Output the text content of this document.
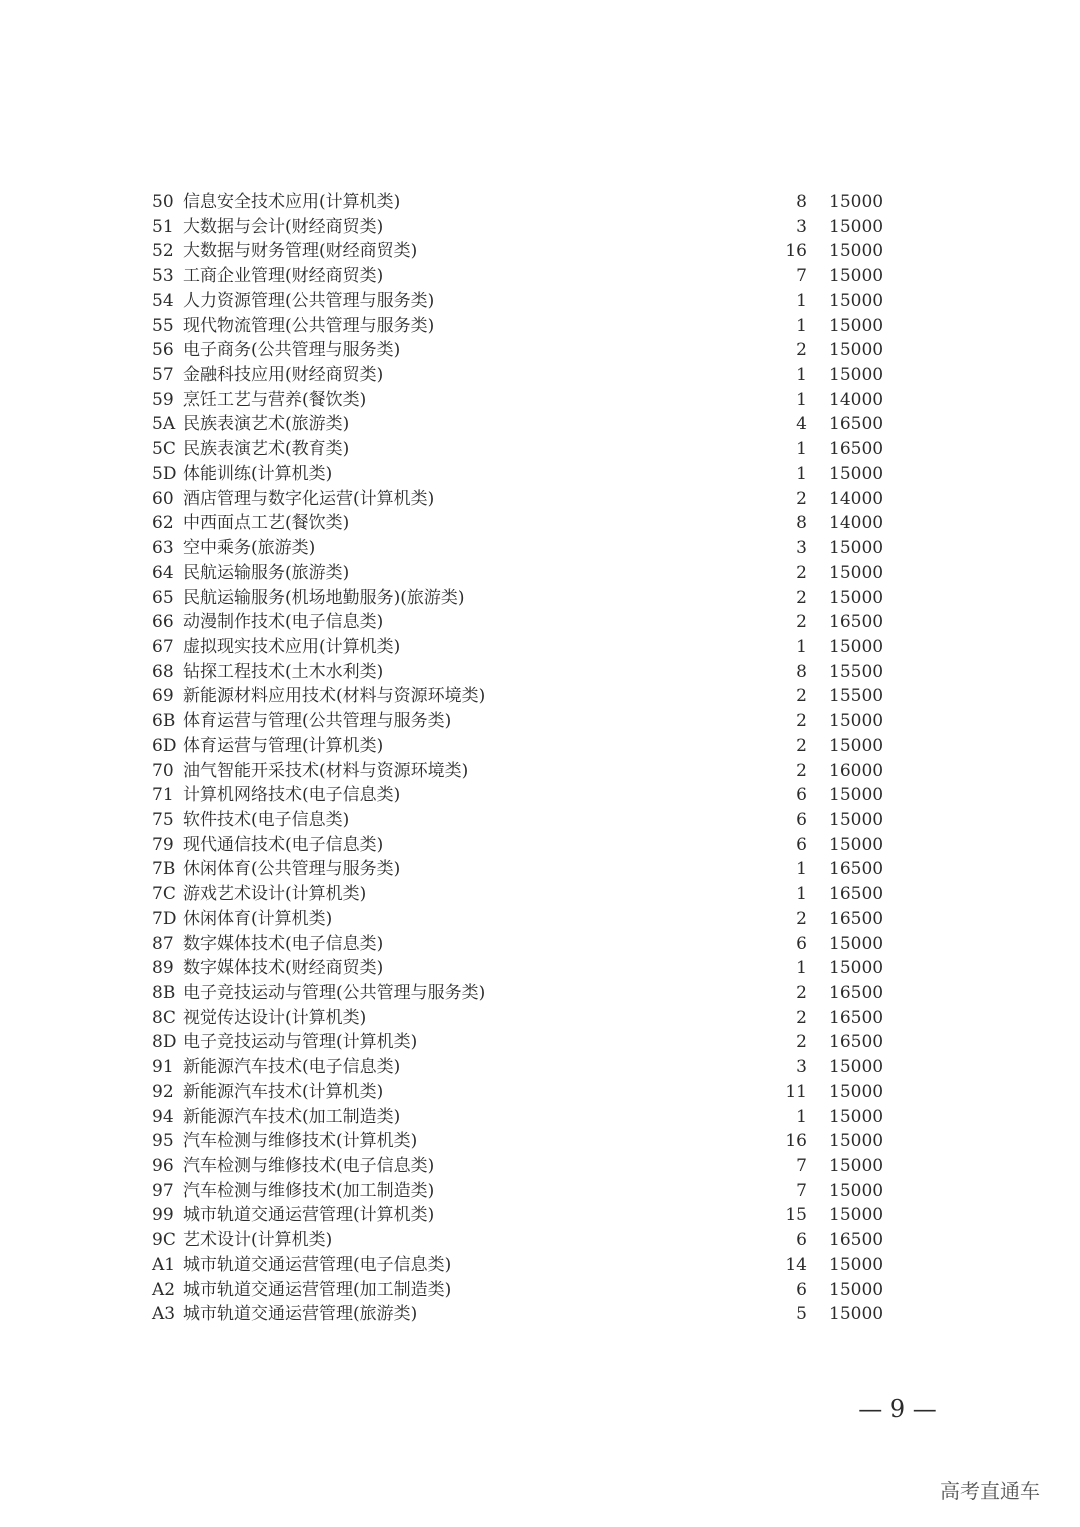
50 信息安全技术应用(计算机类)	8 15000
51 大数据与会计(财经商贸类)	3 15000
52 大数据与财务管理(财经商贸类)	16 15000
53 工商企业管理(财经商贸类)	7 15000
54 人力资源管理(公共管理与服务类)	1 15000
55 现代物流管理(公共管理与服务类)	1 15000
56 电子商务(公共管理与服务类)	2 15000
57 金融科技应用(财经商贸类)	1 15000
59 烹饪工艺与营养(餐饮类)	1 14000
5A 民族表演艺术(旅游类)	4 16500
5C 民族表演艺术(教育类)	1 16500
5D 体能训练(计算机类)	1 15000
60 酒店管理与数字化运营(计算机类)	2 14000
62 中西面点工艺(餐饮类)	8 14000
63 空中乘务(旅游类)	3 15000
64 民航运输服务(旅游类)	2 15000
65 民航运输服务(机场地勤服务)(旅游类)	2 15000
66 动漫制作技术(电子信息类)	2 16500
67 虚拟现实技术应用(计算机类)	1 15000
68 钻探工程技术(土木水利类)	8 15500
69 新能源材料应用技术(材料与资源环境类)	2 15500
6B 体育运营与管理(公共管理与服务类)	2 15000
6D 体育运营与管理(计算机类)	2 15000
70 油气智能开采技术(材料与资源环境类)	2 16000
71 计算机网络技术(电子信息类)	6 15000
75 软件技术(电子信息类)	6 15000
79 现代通信技术(电子信息类)	6 15000
7B 休闲体育(公共管理与服务类)	1 16500
7C 游戏艺术设计(计算机类)	1 16500
7D 休闲体育(计算机类)	2 16500
87 数字媒体技术(电子信息类)	6 15000
89 数字媒体技术(财经商贸类)	1 15000
8B 电子竞技运动与管理(公共管理与服务类)	2 16500
8C 视觉传达设计(计算机类)	2 16500
8D 电子竞技运动与管理(计算机类)	2 16500
91 新能源汽车技术(电子信息类)	3 15000
92 新能源汽车技术(计算机类)	11 15000
94 新能源汽车技术(加工制造类)	1 15000
95 汽车检测与维修技术(计算机类)	16 15000
96 汽车检测与维修技术(电子信息类)	7 15000
97 汽车检测与维修技术(加工制造类)	7 15000
99 城市轨道交通运营管理(计算机类)	15 15000
9C 艺术设计(计算机类)	6 16500
A1 城市轨道交通运营管理(电子信息类)	14 15000
A2 城市轨道交通运营管理(加工制造类)	6 15000
A3 城市轨道交通运营管理(旅游类)	5 15000
— 9 —
高考直通车
